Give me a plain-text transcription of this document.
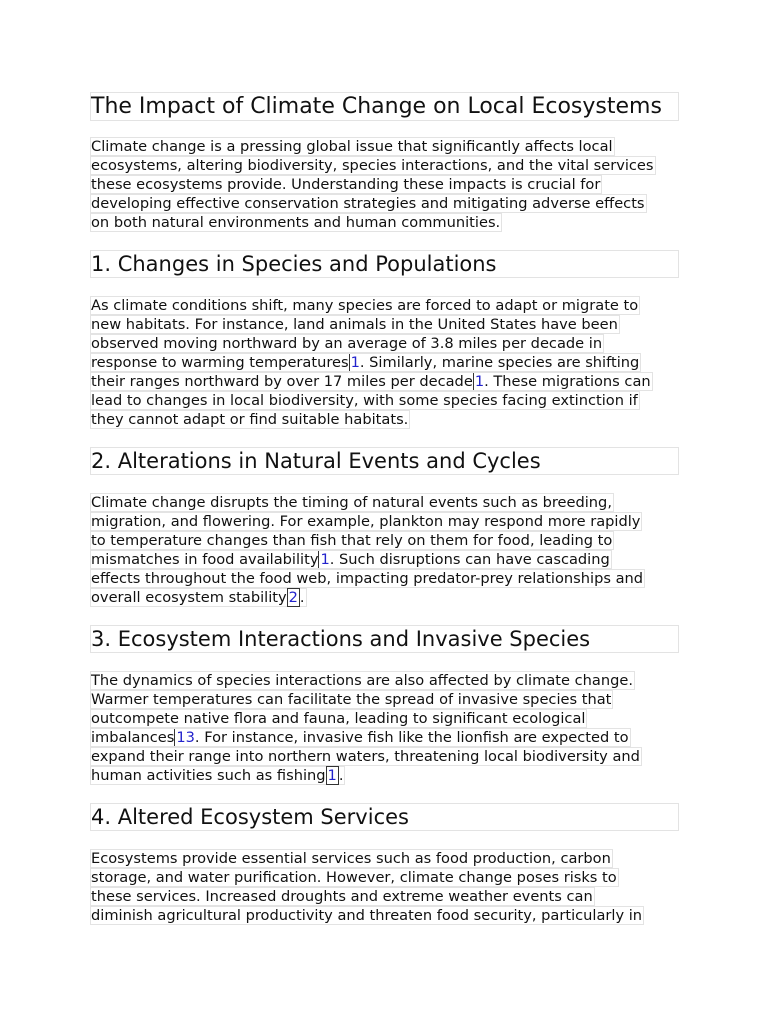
The Impact of Climate Change on Local Ecosystems
Climate change is a pressing global issue that significantly affects local
ecosystems, altering biodiversity, species interactions, and the vital services
these ecosystems provide. Understanding these impacts is crucial for
developing effective conservation strategies and mitigating adverse effects
on both natural environments and human communities.

1. Changes in Species and Populations
As climate conditions shift, many species are forced to adapt or migrate to
new habitats. For instance, land animals in the United States have been
observed moving northward by an average of 3.8 miles per decade in
response to warming temperatures 1. Similarly, marine species are shifting
their ranges northward by over 17 miles per decade 1. These migrations can
lead to changes in local biodiversity, with some species facing extinction if
they cannot adapt or find suitable habitats.

2. Alterations in Natural Events and Cycles
Climate change disrupts the timing of natural events such as breeding,
migration, and flowering. For example, plankton may respond more rapidly
to temperature changes than fish that rely on them for food, leading to
mismatches in food availability 1. Such disruptions can have cascading
effects throughout the food web, impacting predator-prey relationships and
overall ecosystem stability 2 .

3. Ecosystem Interactions and Invasive Species
The dynamics of species interactions are also affected by climate change.
Warmer temperatures can facilitate the spread of invasive species that
outcompete native flora and fauna, leading to significant ecological
imbalances 13. For instance, invasive fish like the lionfish are expected to
expand their range into northern waters, threatening local biodiversity and
human activities such as fishing 1 .

4. Altered Ecosystem Services
Ecosystems provide essential services such as food production, carbon
storage, and water purification. However, climate change poses risks to
these services. Increased droughts and extreme weather events can
diminish agricultural productivity and threaten food security, particularly in
